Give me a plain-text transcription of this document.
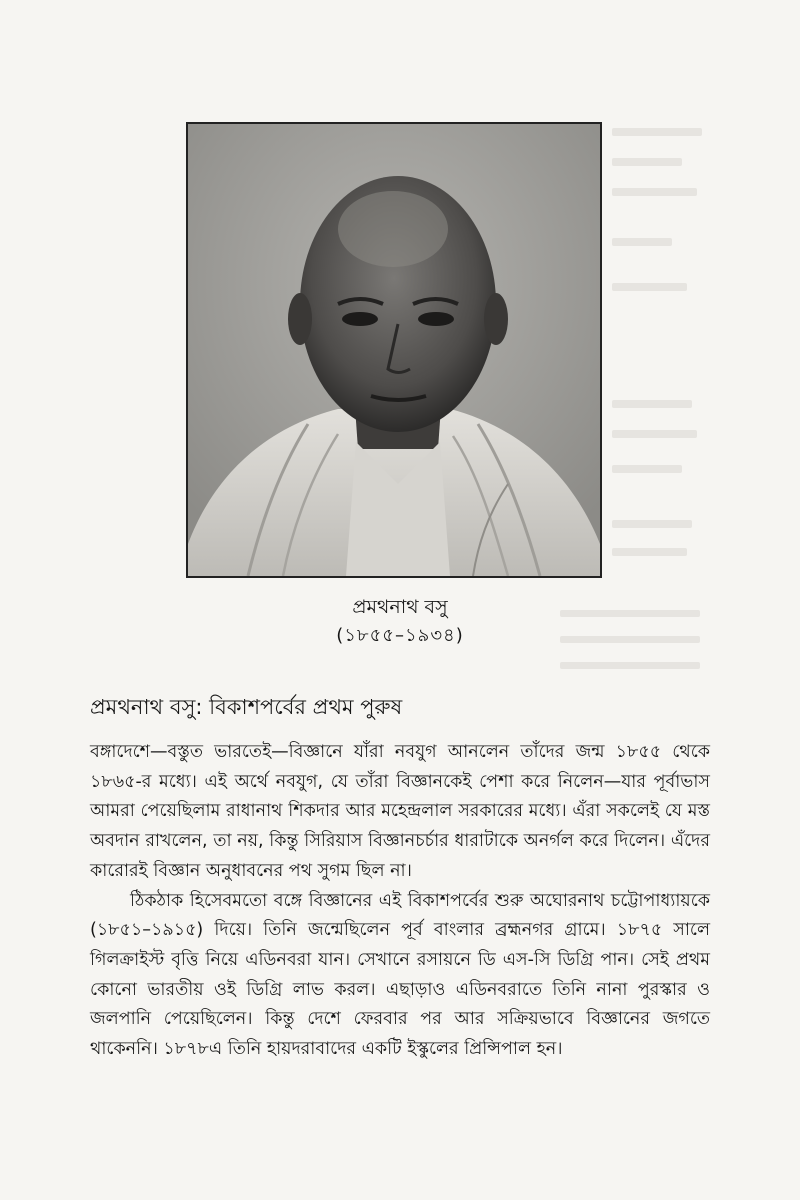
প্রমথনাথ বসু
(১৮৫৫–১৯৩৪)
প্রমথনাথ বসু: বিকাশপর্বের প্রথম পুরুষ

বঙ্গাদেশে—বস্তুত ভারতেই—বিজ্ঞানে যাঁরা নবযুগ আনলেন তাঁদের জন্ম ১৮৫৫ থেকে ১৮৬৫-র মধ্যে। এই অর্থে নবযুগ, যে তাঁরা বিজ্ঞানকেই পেশা করে নিলেন—যার পূর্বাভাস আমরা পেয়েছিলাম রাধানাথ শিকদার আর মহেন্দ্রলাল সরকারের মধ্যে। এঁরা সকলেই যে মস্ত অবদান রাখলেন, তা নয়, কিন্তু সিরিয়াস বিজ্ঞানচর্চার ধারাটাকে অনর্গল করে দিলেন। এঁদের কারোরই বিজ্ঞান অনুধাবনের পথ সুগম ছিল না।

ঠিকঠাক হিসেবমতো বঙ্গে বিজ্ঞানের এই বিকাশপর্বের শুরু অঘোরনাথ চট্টোপাধ্যায়কে (১৮৫১–১৯১৫) দিয়ে। তিনি জন্মেছিলেন পূর্ব বাংলার ব্রহ্মনগর গ্রামে। ১৮৭৫ সালে গিলক্রাইস্ট বৃত্তি নিয়ে এডিনবরা যান। সেখানে রসায়নে ডি এস-সি ডিগ্রি পান। সেই প্রথম কোনো ভারতীয় ওই ডিগ্রি লাভ করল। এছাড়াও এডিনবরাতে তিনি নানা পুরস্কার ও জলপানি পেয়েছিলেন। কিন্তু দেশে ফেরবার পর আর সক্রিয়ভাবে বিজ্ঞানের জগতে থাকেননি। ১৮৭৮এ তিনি হায়দরাবাদের একটি ইস্কুলের প্রিন্সিপাল হন।
